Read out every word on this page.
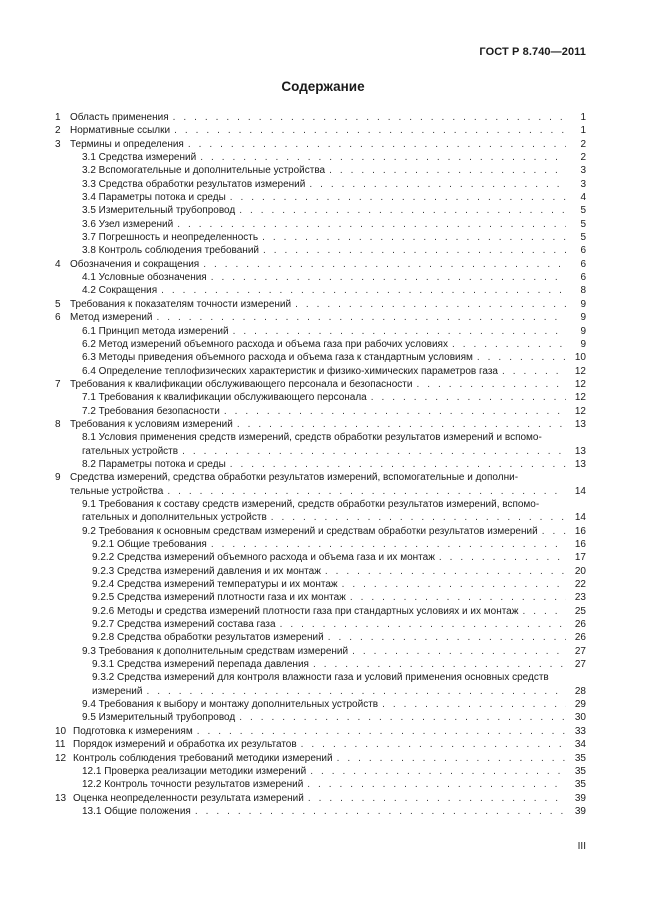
ГОСТ Р 8.740—2011
Содержание
1 Область применения . . .	1
2 Нормативные ссылки . . .	1
3 Термины и определения . . .	2
3.1 Средства измерений . . .	2
3.2 Вспомогательные и дополнительные устройства . . .	3
3.3 Средства обработки результатов измерений . . .	3
3.4 Параметры потока и среды . . .	4
3.5 Измерительный трубопровод . . .	5
3.6 Узел измерений . . .	5
3.7 Погрешность и неопределенность . . .	5
3.8 Контроль соблюдения требований . . .	6
4 Обозначения и сокращения . . .	6
4.1 Условные обозначения . . .	6
4.2 Сокращения . . .	8
5 Требования к показателям точности измерений . . .	9
6 Метод измерений . . .	9
6.1 Принцип метода измерений . . .	9
6.2 Метод измерений объемного расхода и объема газа при рабочих условиях . . .	9
6.3 Методы приведения объемного расхода и объема газа к стандартным условиям . . .	10
6.4 Определение теплофизических характеристик и физико-химических параметров газа . . .	12
7 Требования к квалификации обслуживающего персонала и безопасности . . .	12
7.1 Требования к квалификации обслуживающего персонала . . .	12
7.2 Требования безопасности . . .	12
8 Требования к условиям измерений . . .	13
8.1 Условия применения средств измерений, средств обработки результатов измерений и вспомо-
гательных устройств . . .	13
8.2 Параметры потока и среды . . .	13
9 Средства измерений, средства обработки результатов измерений, вспомогательные и дополни-
тельные устройства . . .	14
9.1 Требования к составу средств измерений, средств обработки результатов измерений, вспомо-
гательных и дополнительных устройств . . .	14
9.2 Требования к основным средствам измерений и средствам обработки результатов измерений . . .	16
9.2.1 Общие требования . . .	16
9.2.2 Средства измерений объемного расхода и объема газа и их монтаж . . .	17
9.2.3 Средства измерений давления и их монтаж . . .	20
9.2.4 Средства измерений температуры и их монтаж . . .	22
9.2.5 Средства измерений плотности газа и их монтаж . . .	23
9.2.6 Методы и средства измерений плотности газа при стандартных условиях и их монтаж . . .	25
9.2.7 Средства измерений состава газа . . .	26
9.2.8 Средства обработки результатов измерений . . .	26
9.3 Требования к дополнительным средствам измерений . . .	27
9.3.1 Средства измерений перепада давления . . .	27
9.3.2 Средства измерений для контроля влажности газа и условий применения основных средств
измерений . . .	28
9.4 Требования к выбору и монтажу дополнительных устройств . . .	29
9.5 Измерительный трубопровод . . .	30
10 Подготовка к измерениям . . .	33
11 Порядок измерений и обработка их результатов . . .	34
12 Контроль соблюдения требований методики измерений . . .	35
12.1 Проверка реализации методики измерений . . .	35
12.2 Контроль точности результатов измерений . . .	35
13 Оценка неопределенности результата измерений . . .	39
13.1 Общие положения . . .	39
III
